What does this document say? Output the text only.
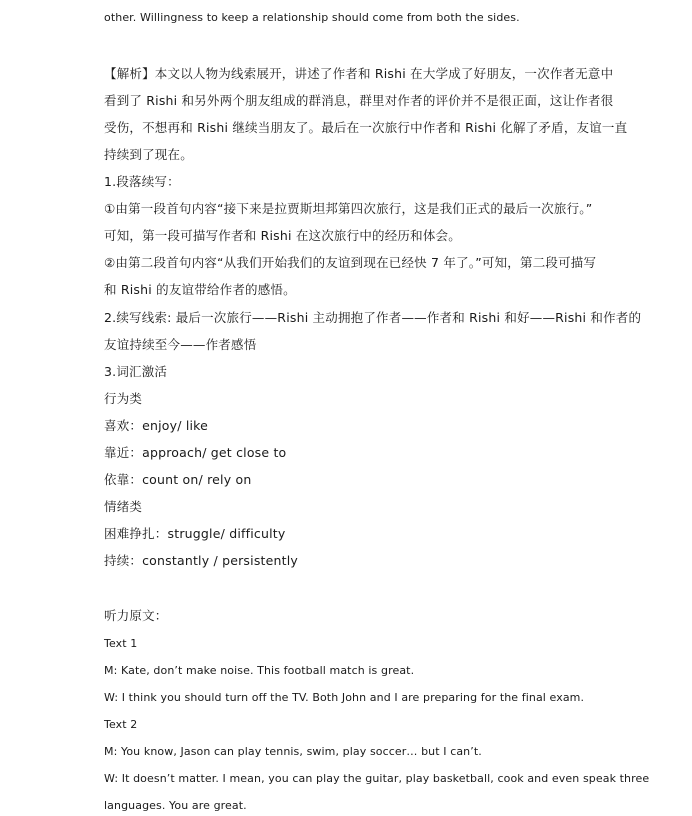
other. Willingness to keep a relationship should come from both the sides.
【解析】本文以人物为线索展开，讲述了作者和 Rishi 在大学成了好朋友，一次作者无意中
看到了 Rishi 和另外两个朋友组成的群消息，群里对作者的评价并不是很正面，这让作者很
受伤，不想再和 Rishi 继续当朋友了。最后在一次旅行中作者和 Rishi 化解了矛盾，友谊一直
持续到了现在。
1.段落续写：
①由第一段首句内容“接下来是拉贾斯坦邦第四次旅行，这是我们正式的最后一次旅行。”
可知，第一段可描写作者和 Rishi 在这次旅行中的经历和体会。
②由第二段首句内容“从我们开始我们的友谊到现在已经快 7 年了。”可知，第二段可描写
和 Rishi 的友谊带给作者的感悟。
2.续写线索: 最后一次旅行——Rishi 主动拥抱了作者——作者和 Rishi 和好——Rishi 和作者的
友谊持续至今——作者感悟
3.词汇激活
行为类
喜欢：enjoy/ like
靠近：approach/ get close to
依靠：count on/ rely on
情绪类
困难挣扎：struggle/ difficulty
持续：constantly / persistently
听力原文：
Text 1
M: Kate, don’t make noise. This football match is great.
W: I think you should turn off the TV. Both John and I are preparing for the final exam.
Text 2
M: You know, Jason can play tennis, swim, play soccer… but I can’t.
W: It doesn’t matter. I mean, you can play the guitar, play basketball, cook and even speak three
languages. You are great.
